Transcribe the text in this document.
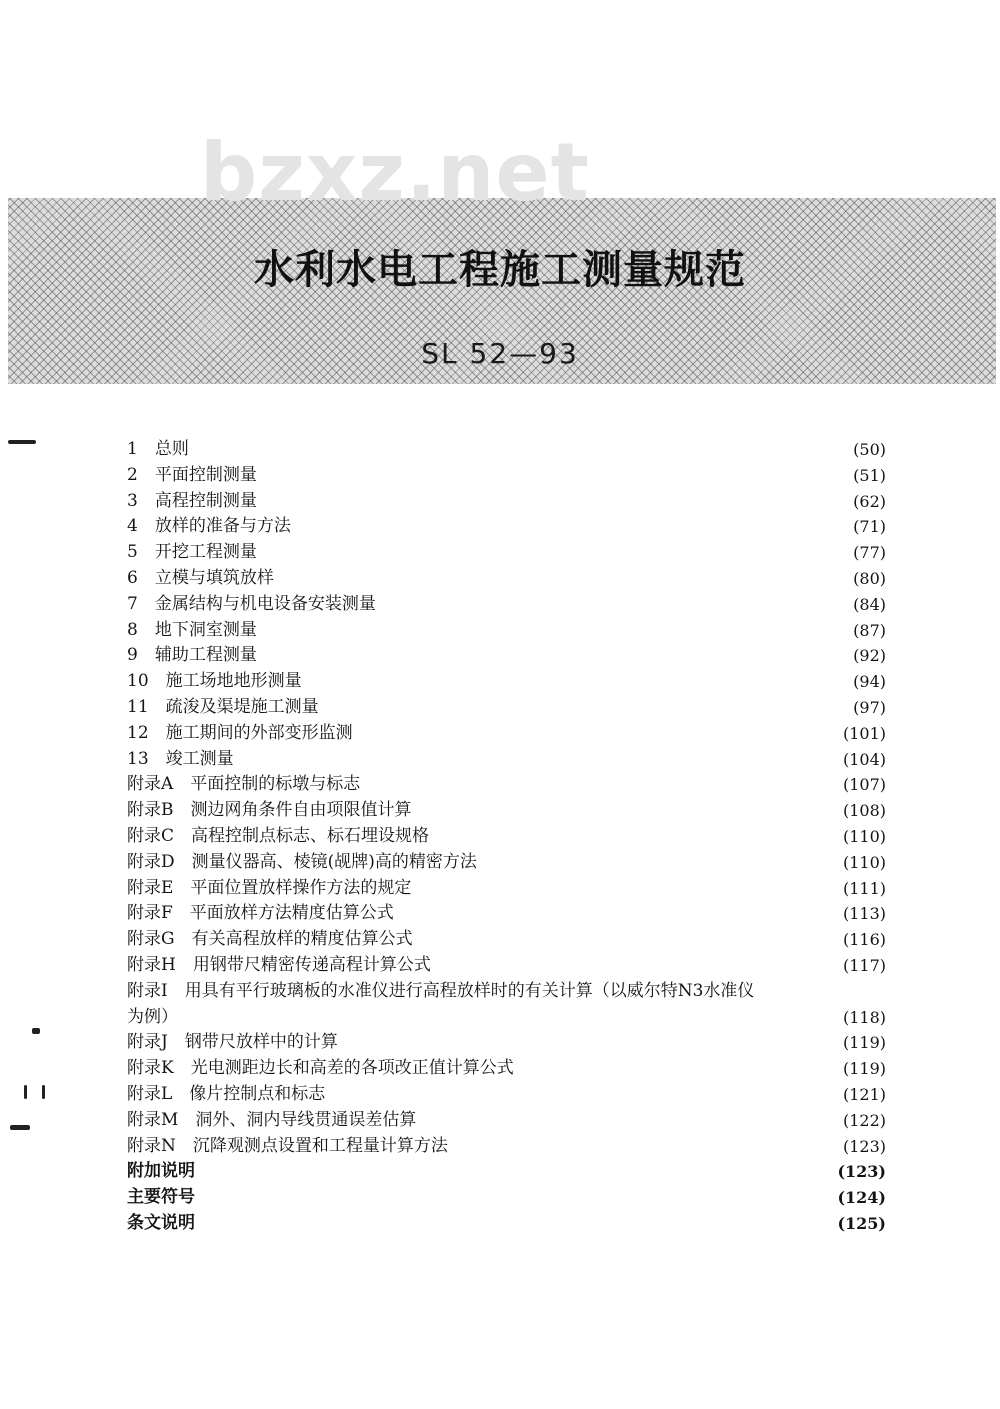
bzxz.net
水利水电工程施工测量规范
SL 52—93
1　总则	(50)
2　平面控制测量	(51)
3　高程控制测量	(62)
4　放样的准备与方法	(71)
5　开挖工程测量	(77)
6　立模与填筑放样	(80)
7　金属结构与机电设备安装测量	(84)
8　地下洞室测量	(87)
9　辅助工程测量	(92)
10　施工场地地形测量	(94)
11　疏浚及渠堤施工测量	(97)
12　施工期间的外部变形监测	(101)
13　竣工测量	(104)
附录A　平面控制的标墩与标志	(107)
附录B　测边网角条件自由项限值计算	(108)
附录C　高程控制点标志、标石埋设规格	(110)
附录D　测量仪器高、棱镜(觇牌)高的精密方法	(110)
附录E　平面位置放样操作方法的规定	(111)
附录F　平面放样方法精度估算公式	(113)
附录G　有关高程放样的精度估算公式	(116)
附录H　用钢带尺精密传递高程计算公式	(117)
附录I　用具有平行玻璃板的水准仪进行高程放样时的有关计算（以威尔特N3水准仪为例）	(118)
附录J　钢带尺放样中的计算	(119)
附录K　光电测距边长和高差的各项改正值计算公式	(119)
附录L　像片控制点和标志	(121)
附录M　洞外、洞内导线贯通误差估算	(122)
附录N　沉降观测点设置和工程量计算方法	(123)
附加说明	(123)
主要符号	(124)
条文说明	(125)
